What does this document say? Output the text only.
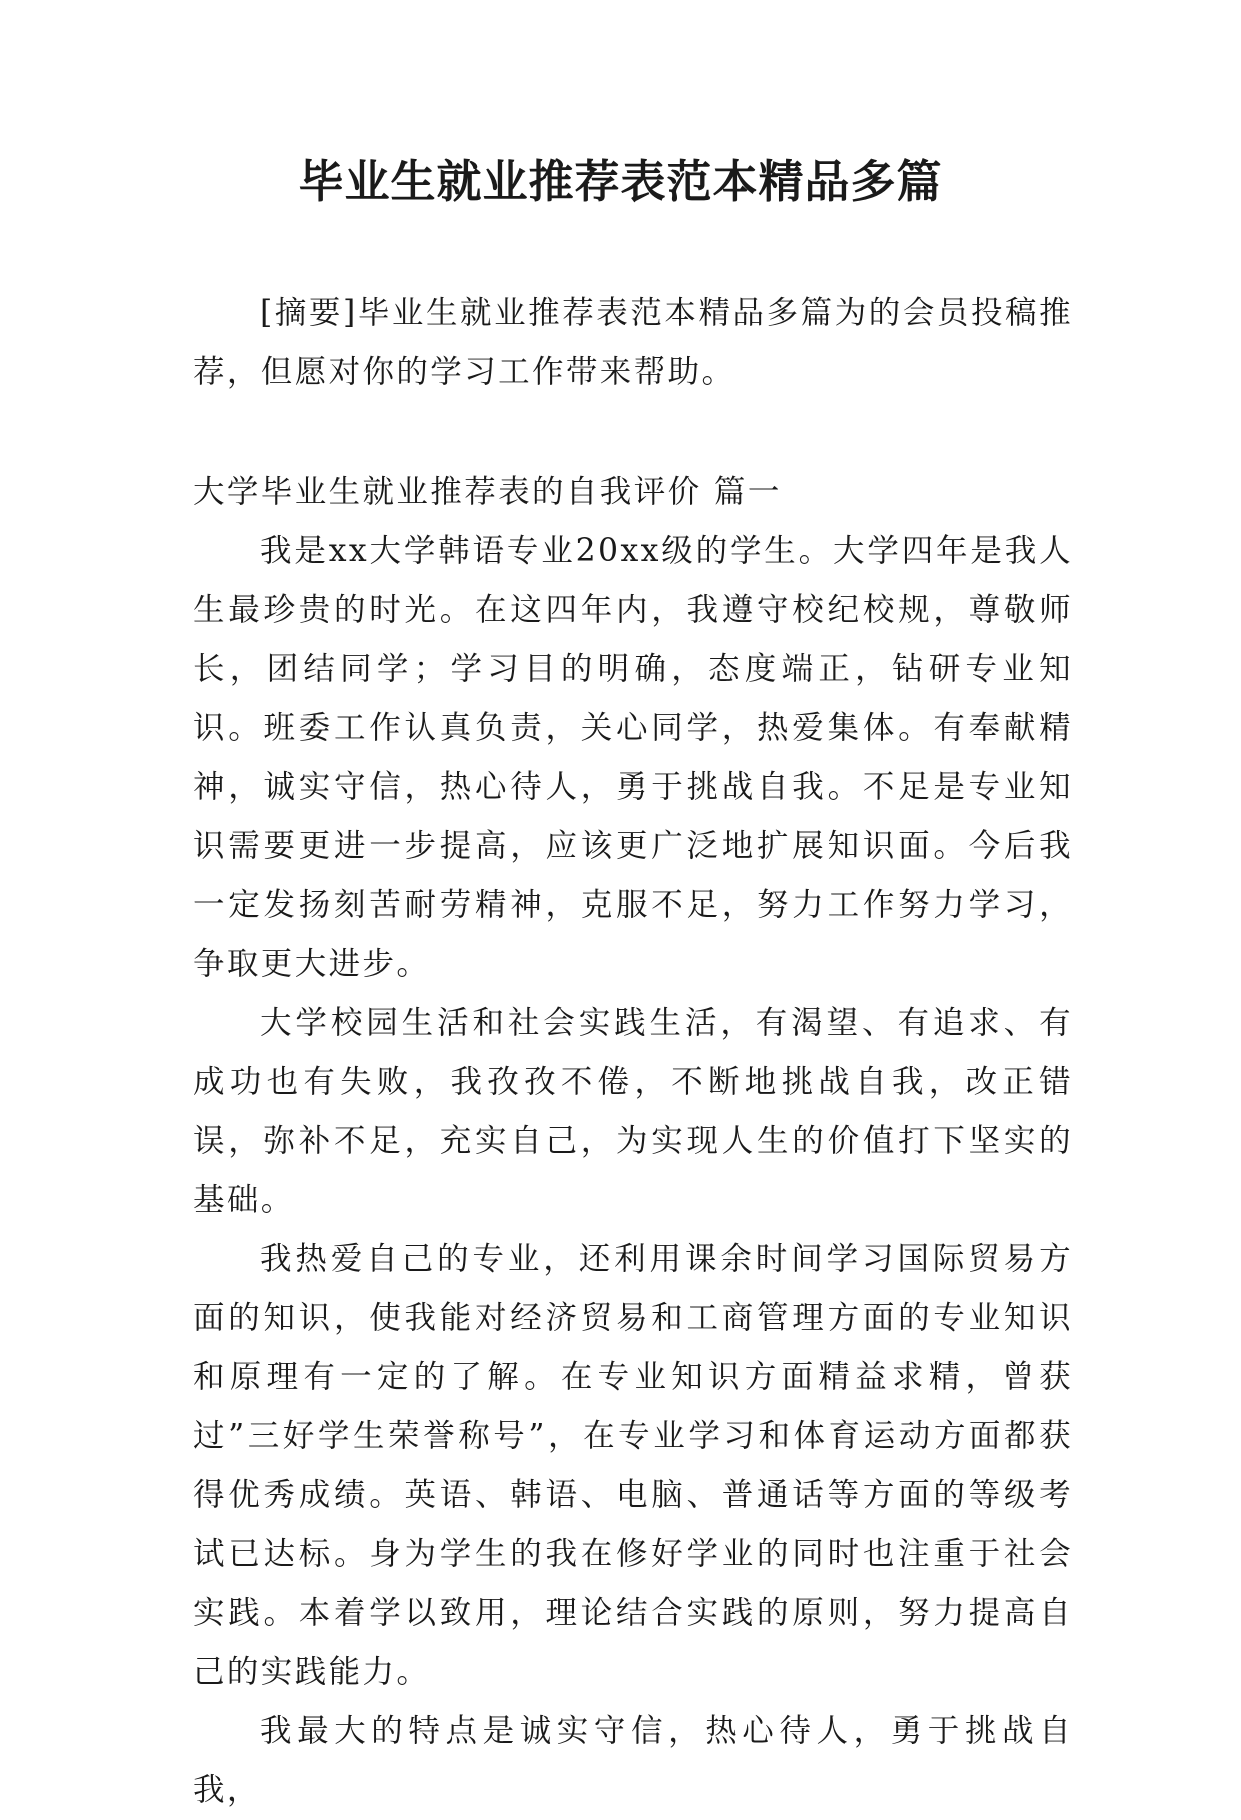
毕业生就业推荐表范本精品多篇

[摘要]毕业生就业推荐表范本精品多篇为的会员投稿推荐，但愿对你的学习工作带来帮助。

大学毕业生就业推荐表的自我评价 篇一

我是xx大学韩语专业20xx级的学生。大学四年是我人生最珍贵的时光。在这四年内，我遵守校纪校规，尊敬师长，团结同学；学习目的明确，态度端正，钻研专业知识。班委工作认真负责，关心同学，热爱集体。有奉献精神，诚实守信，热心待人，勇于挑战自我。不足是专业知识需要更进一步提高，应该更广泛地扩展知识面。今后我一定发扬刻苦耐劳精神，克服不足，努力工作努力学习，争取更大进步。

大学校园生活和社会实践生活，有渴望、有追求、有成功也有失败，我孜孜不倦，不断地挑战自我，改正错误，弥补不足，充实自己，为实现人生的价值打下坚实的基础。

我热爱自己的专业，还利用课余时间学习国际贸易方面的知识，使我能对经济贸易和工商管理方面的专业知识和原理有一定的了解。在专业知识方面精益求精，曾获过”三好学生荣誉称号”，在专业学习和体育运动方面都获得优秀成绩。英语、韩语、电脑、普通话等方面的等级考试已达标。身为学生的我在修好学业的同时也注重于社会实践。本着学以致用，理论结合实践的原则，努力提高自己的实践能力。

我最大的特点是诚实守信，热心待人，勇于挑战自我，
